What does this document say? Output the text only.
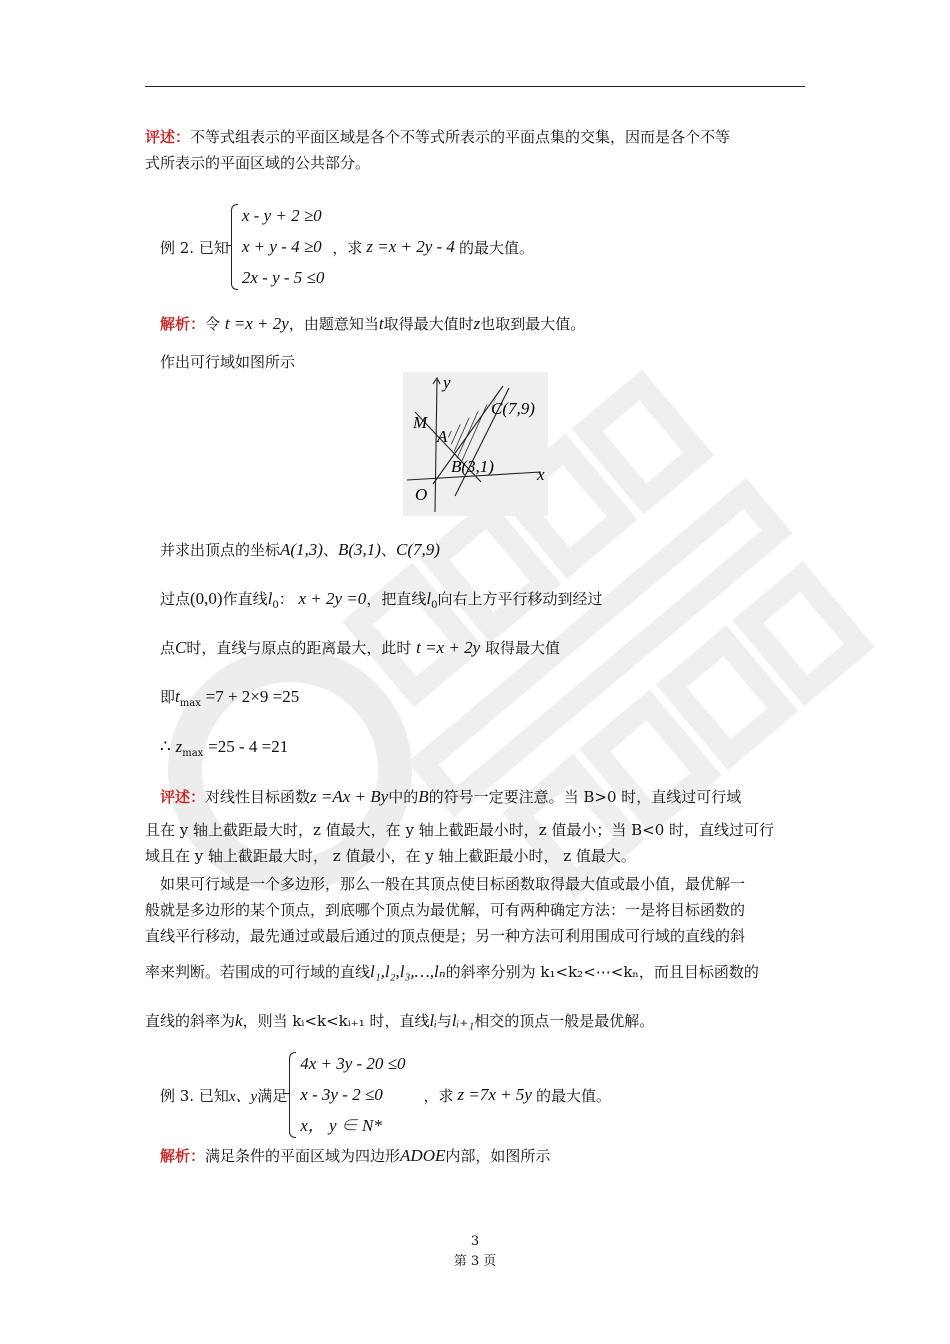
评述：不等式组表示的平面区域是各个不等式所表示的平面点集的交集，因而是各个不等
式所表示的平面区域的公共部分。
例 2. 已知
x - y + 2 ≥0
x + y - 4 ≥0
2x - y - 5 ≤0
，求 z =x + 2y - 4 的最大值。
解析：令 t =x + 2y，由题意知当t取得最大值时z也取到最大值。
作出可行域如图所示
y
x
M
A
B(3,1)
C(7,9)
O
并求出顶点的坐标A(1,3)、B(3,1)、C(7,9)
过点(0,0)作直线$l_0$： x + 2y =0，把直线$l_0$向右上方平行移动到经过
点C时，直线与原点的距离最大，此时 t =x + 2y 取得最大值
即$t_{max} =7 + 2\times 9 =25$
∴ $z_{max} =25 - 4 =21$
评述：对线性目标函数z =Ax + By中的B的符号一定要注意。当 B>0 时，直线过可行域
且在 y 轴上截距最大时，z 值最大，在 y 轴上截距最小时，z 值最小；当 B<0 时，直线过可行
域且在 y 轴上截距最大时， z 值最小，在 y 轴上截距最小时， z 值最大。
如果可行域是一个多边形，那么一般在其顶点使目标函数取得最大值或最小值，最优解一
般就是多边形的某个顶点，到底哪个顶点为最优解，可有两种确定方法：一是将目标函数的
直线平行移动，最先通过或最后通过的顶点便是；另一种方法可利用围成可行域的直线的斜
率来判断。若围成的可行域的直线l₁,l₂,l₃,…,lₙ的斜率分别为 k₁<k₂<⋯<kₙ，而且目标函数的
直线的斜率为k，则当 kᵢ<k<kᵢ₊₁ 时，直线lᵢ与lᵢ₊₁相交的顶点一般是最优解。
例 3. 已知 x、y 满足
4x + 3y - 20 ≤0
x - 3y - 2 ≤0
x， y ∈ N*
，求 z =7x + 5y 的最大值。
解析：满足条件的平面区域为四边形ADOE内部，如图所示
3
第 3 页
